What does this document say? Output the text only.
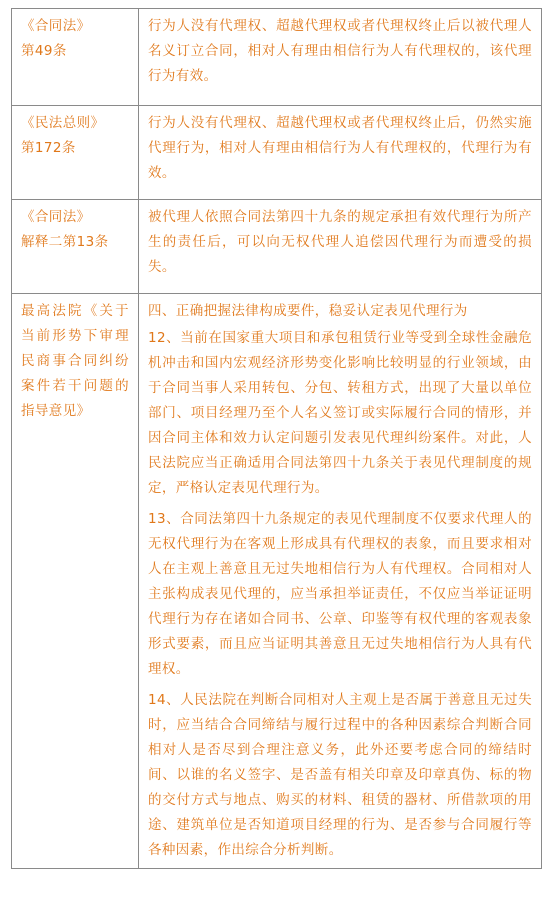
《合同法》
第49条	行为人没有代理权、超越代理权或者代理权终止后以被代理人名义订立合同，相对人有理由相信行为人有代理权的，该代理行为有效。

《民法总则》
第172条	行为人没有代理权、超越代理权或者代理权终止后，仍然实施代理行为，相对人有理由相信行为人有代理权的，代理行为有效。

《合同法》
解释二第13条	被代理人依照合同法第四十九条的规定承担有效代理行为所产生的责任后，可以向无权代理人追偿因代理行为而遭受的损失。

最高法院《关于当前形势下审理民商事合同纠纷案件若干问题的指导意见》	四、正确把握法律构成要件，稳妥认定表见代理行为
12、当前在国家重大项目和承包租赁行业等受到全球性金融危机冲击和国内宏观经济形势变化影响比较明显的行业领域，由于合同当事人采用转包、分包、转租方式，出现了大量以单位部门、项目经理乃至个人名义签订或实际履行合同的情形，并因合同主体和效力认定问题引发表见代理纠纷案件。对此，人民法院应当正确适用合同法第四十九条关于表见代理制度的规定，严格认定表见代理行为。
13、合同法第四十九条规定的表见代理制度不仅要求代理人的无权代理行为在客观上形成具有代理权的表象，而且要求相对人在主观上善意且无过失地相信行为人有代理权。合同相对人主张构成表见代理的，应当承担举证责任，不仅应当举证证明代理行为存在诸如合同书、公章、印鉴等有权代理的客观表象形式要素，而且应当证明其善意且无过失地相信行为人具有代理权。
14、人民法院在判断合同相对人主观上是否属于善意且无过失时，应当结合合同缔结与履行过程中的各种因素综合判断合同相对人是否尽到合理注意义务，此外还要考虑合同的缔结时间、以谁的名义签字、是否盖有相关印章及印章真伪、标的物的交付方式与地点、购买的材料、租赁的器材、所借款项的用途、建筑单位是否知道项目经理的行为、是否参与合同履行等各种因素，作出综合分析判断。
